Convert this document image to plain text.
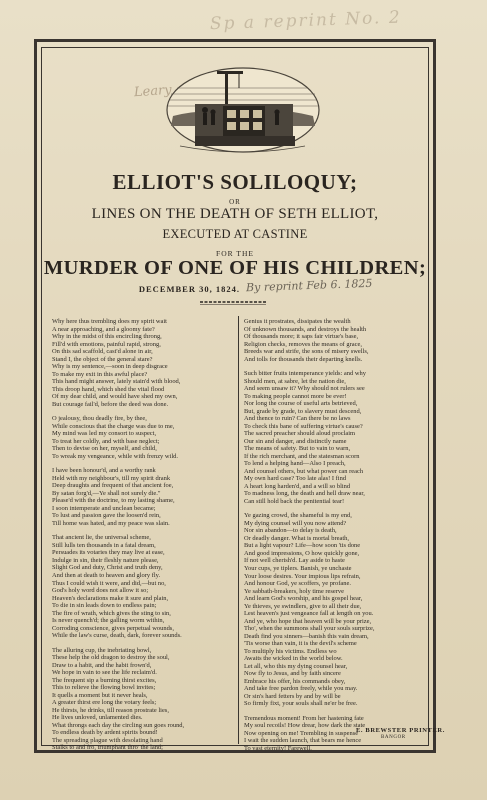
Sp a reprint No. 2
Leary
ELLIOT'S SOLILOQUY;
OR
LINES ON THE DEATH OF SETH ELLIOT,
EXECUTED AT CASTINE
FOR THE
MURDER OF ONE OF HIS CHILDREN;
DECEMBER 30, 1824. By reprint Feb 6. 1825

Why here thus trembling does my spirit wait

A near approaching, and a gloomy fate?

Why in the midst of this encircling throng,

Fill'd with emotions, painful rapid, strong,

On this sad scaffold, cast'd alone in air,

Stand I, the object of the general stare?

Why is my sentence,—soon in deep disgrace

To make my exit in this awful place?

This hand might answer, lately stain'd with blood,

This droop hand, which shed the vital flood

Of my dear child, and would have shed my own,

But courage fail'd, before the deed was done.

O jealousy, thou deadly fire, by thee,

While conscious that the charge was due to me,

My mind was led my consort to suspect,

To treat her coldly, and with base neglect;

Then to devise on her, myself, and child,

To wreak my vengeance, while with frenzy wild.

I have been honour'd, and a worthy rank

Held with my neighbour's, till my spirit drank

Deep draughts and frequent of that ancient foe,

By satan forg'd,—Ye shall not surely die."

Please'd with the doctrine, to my lasting shame,

I soon intemperate and unclean became;

To lust and passion gave the loosen'd rein,

Till home was hated, and my peace was slain.

That ancient lie, the universal scheme,

Still lulls ten thousands in a fatal dream,

Persuades its votaries they may live at ease,

Indulge in sin, their fleshly nature please,

Slight God and duty, Christ and truth deny,

And then at death to heaven and glory fly.

Thus I could wish it were, and did,—but no,

God's holy word does not allow it so;

Heaven's declarations make it sure and plain,

To die in sin leads down to endless pain;

The fire of wrath, which gives the sting to sin,

Is never quench'd; the galling worm within,

Corroding conscience, gives perpetual wounds,

While the law's curse, death, dark, forever sounds.

The alluring cup, the inebriating bowl,

These help the old dragon to destroy the soul,

Draw to a habit, and the habit frown'd,

We hope in vain to see the life reclaim'd.

The frequent sip a burning thirst excites,

This to relieve the flowing bowl invites;

It quells a moment but it never heals,

A greater thirst ere long the votary feels;

He thirsts, he drinks, till reason prostrate lies,

He lives unloved, unlamented dies.

What throngs each day the circling sun goes round,

To endless death by ardent spirits bound!

The spreading plague with desolating hand

Stalks to and fro, triumphant thro' the land;

Genius it prostrates, dissipates the wealth

Of unknown thousands, and destroys the health

Of thousands more; it saps fair virtue's base,

Religion checks, removes the means of grace,

Breeds war and strife, the sons of misery swells,

And tolls for thousands their departing knells.

Such bitter fruits intemperance yields: and why

Should men, at sabre, let the nation die,

And seem unsaw it? Why should not rulers see

To making people cannot more be ever!

Nor long the course of useful arts betrieved,

But, grade by grade, to slavery must descend,

And thence to ruin? Can there be no laws

To check this bane of suffering virtue's cause?

The sacred preacher should aloud proclaim

Our sin and danger, and distinctly name

The means of safety. But to vain to warn,

If the rich merchant, and the statesman scorn

To lend a helping hand—Also I preach,

And counsel others, but what power can reach

My own hard case? Too late alas! I find

A heart long harden'd, and a will so blind

To madness long, the death and hell draw near,

Can still hold back the penitential tear!

Ye gazing crowd, the shameful is my end,

My dying counsel will you now attend?

Nor sin abandon—to delay is death,

Or deadly danger. What is mortal breath,

But a light vapour? Life—how soon 'tis done

And good impressions, O how quickly gone,

If not well cherish'd. Lay aside to haste

Your cups, ye tiplers. Banish, ye unchaste

Your loose desires. Your impious lips refrain,

And honour God, ye scoffers, ye profane.

Ye sabbath-breakers, holy time reserve

And learn God's worship, and his gospel hear,

Ye thieves, ye swindlers, give to all their due,

Lest heaven's just vengeance fall at length on you.

And ye, who hope that heaven will be your prize,

Tho', when the summons shall your souls surprize,

Death find you sinners—banish this vain dream,

'Tis worse than vain, it is the devil's scheme

To multiply his victims. Endless wo

Awaits the wicked in the world below.

Let all, who this my dying counsel hear,

Now fly to Jesus, and by faith sincere

Embrace his offer, his commands obey,

And take free pardon freely, while you may.

Or sin's hard fetters by and by will be

So firmly fixt, your souls shall ne'er be free.

Tremendous moment! From her hastening fate

My soul recoils! How drear, how dark the state

Now opening on me! Trembling in suspense

I wait the sudden launch, that bears me hence

To vast eternity! Farewell.

E. BREWSTER PRINTER.
BANGOR
